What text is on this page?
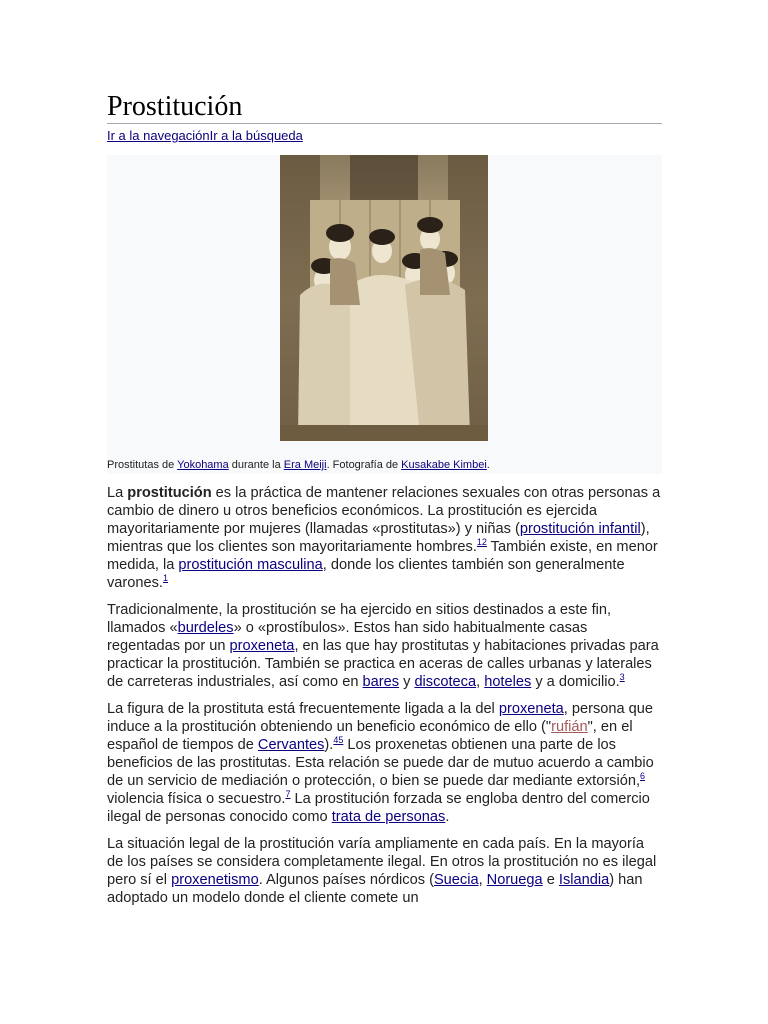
Prostitución
Ir a la navegaciónIr a la búsqueda
Prostitutas de Yokohama durante la Era Meiji. Fotografía de Kusakabe Kimbei.

La prostitución es la práctica de mantener relaciones sexuales con otras personas a cambio de dinero u otros beneficios económicos. La prostitución es ejercida mayoritariamente por mujeres (llamadas «prostitutas») y niñas (prostitución infantil), mientras que los clientes son mayoritariamente hombres.$^{12}$ También existe, en menor medida, la prostitución masculina, donde los clientes también son generalmente varones.$^1$

Tradicionalmente, la prostitución se ha ejercido en sitios destinados a este fin, llamados «burdeles» o «prostíbulos». Estos han sido habitualmente casas regentadas por un proxeneta, en las que hay prostitutas y habitaciones privadas para practicar la prostitución. También se practica en aceras de calles urbanas y laterales de carreteras industriales, así como en bares y discoteca, hoteles y a domicilio.$^3$

La figura de la prostituta está frecuentemente ligada a la del proxeneta, persona que induce a la prostitución obteniendo un beneficio económico de ello ("rufián", en el español de tiempos de Cervantes).$^{45}$ Los proxenetas obtienen una parte de los beneficios de las prostitutas. Esta relación se puede dar de mutuo acuerdo a cambio de un servicio de mediación o protección, o bien se puede dar mediante extorsión,$^6$ violencia física o secuestro.$^7$ La prostitución forzada se engloba dentro del comercio ilegal de personas conocido como trata de personas.

La situación legal de la prostitución varía ampliamente en cada país. En la mayoría de los países se considera completamente ilegal. En otros la prostitución no es ilegal pero sí el proxenetismo. Algunos países nórdicos (Suecia, Noruega e Islandia) han adoptado un modelo donde el cliente comete un
